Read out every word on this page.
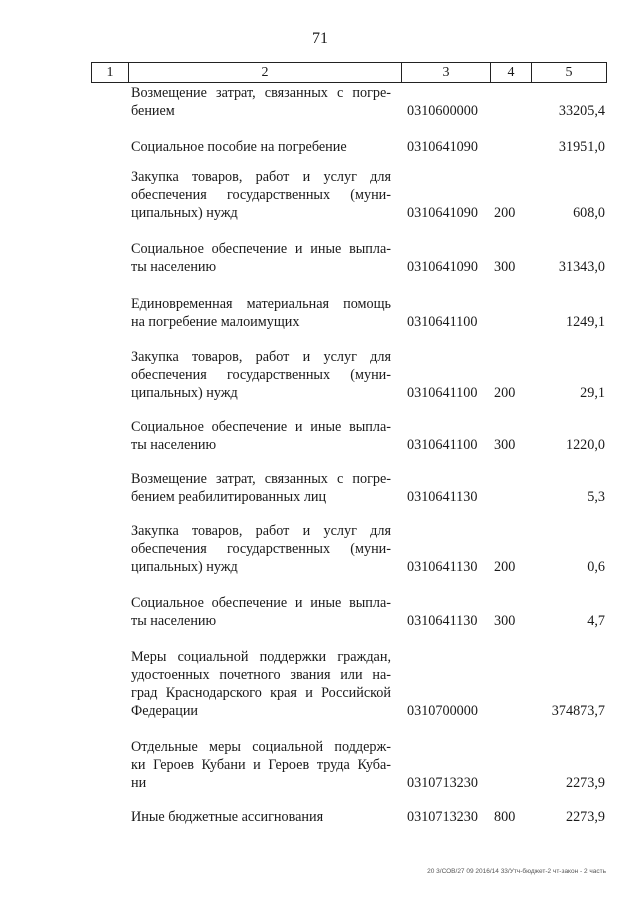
71
1	2	3	4	5
Возмещение затрат, связанных с погре-
бением	0310600000	33205,4
Социальное пособие на погребение	0310641090	31951,0
Закупка товаров, работ и услуг для
обеспечения государственных (муни-
ципальных) нужд	0310641090 200	608,0
Социальное обеспечение и иные выпла-
ты населению	0310641090 300	31343,0
Единовременная материальная помощь
на погребение малоимущих	0310641100	1249,1
Закупка товаров, работ и услуг для
обеспечения государственных (муни-
ципальных) нужд	0310641100 200	29,1
Социальное обеспечение и иные выпла-
ты населению	0310641100 300	1220,0
Возмещение затрат, связанных с погре-
бением реабилитированных лиц	0310641130	5,3
Закупка товаров, работ и услуг для
обеспечения государственных (муни-
ципальных) нужд	0310641130 200	0,6
Социальное обеспечение и иные выпла-
ты населению	0310641130 300	4,7
Меры социальной поддержки граждан,
удостоенных почетного звания или на-
град Краснодарского края и Российской
Федерации	0310700000	374873,7
Отдельные меры социальной поддерж-
ки Героев Кубани и Героев труда Куба-
ни	0310713230	2273,9
Иные бюджетные ассигнования	0310713230 800	2273,9
20 3/СОВ/27 09 2016/14 33/Утч-бюджет-2 чт-закон - 2 часть
